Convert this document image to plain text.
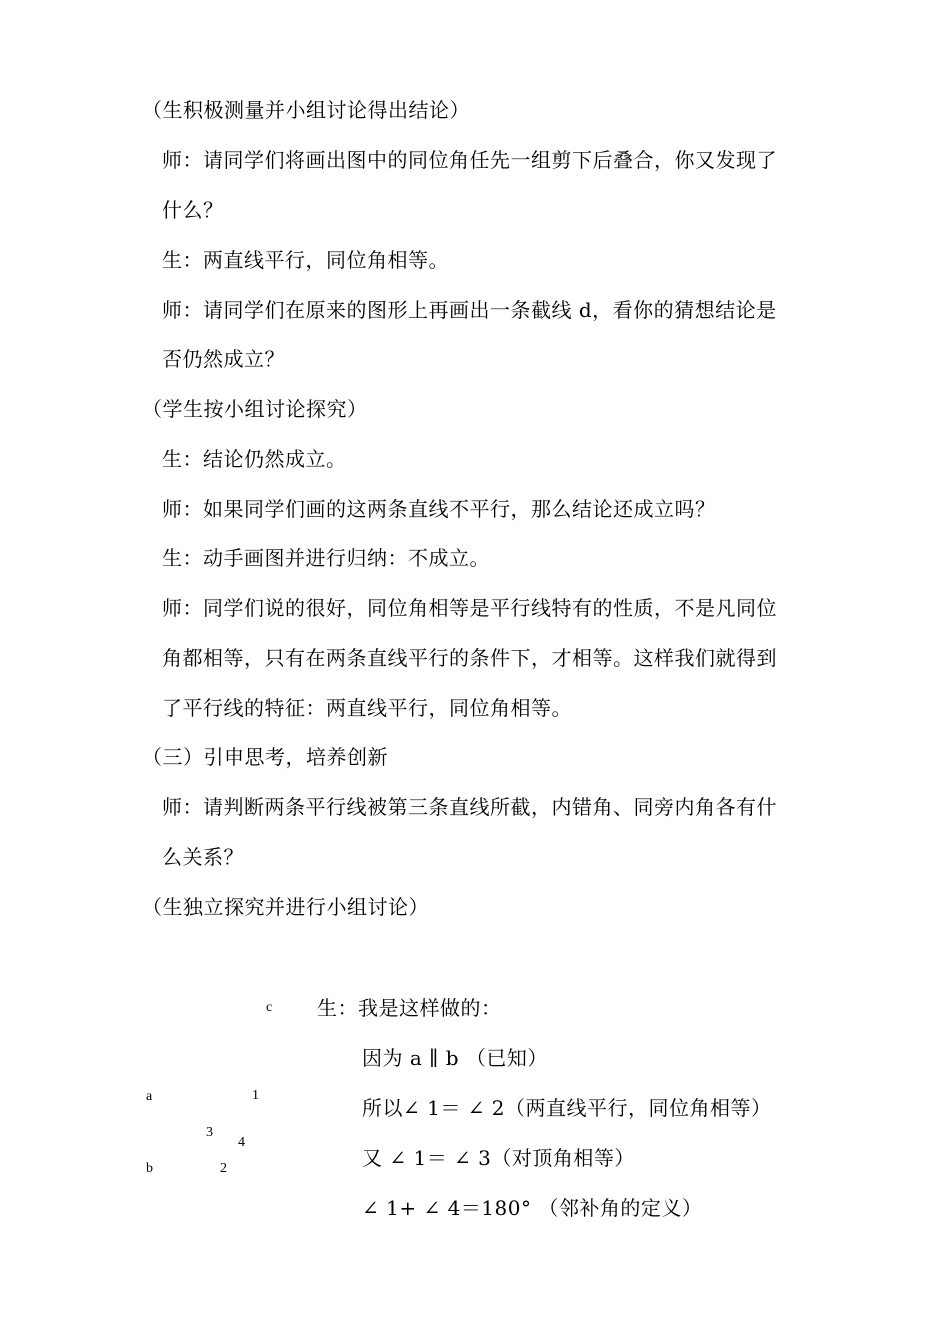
（生积极测量并小组讨论得出结论）
师：请同学们将画出图中的同位角任先一组剪下后叠合，你又发现了
什么？
生：两直线平行，同位角相等。
师：请同学们在原来的图形上再画出一条截线 d，看你的猜想结论是
否仍然成立？
（学生按小组讨论探究）
生：结论仍然成立。
师：如果同学们画的这两条直线不平行，那么结论还成立吗？
生：动手画图并进行归纳：不成立。
师：同学们说的很好，同位角相等是平行线特有的性质，不是凡同位
角都相等，只有在两条直线平行的条件下，才相等。这样我们就得到
了平行线的特征：两直线平行，同位角相等。
（三）引申思考，培养创新
师：请判断两条平行线被第三条直线所截，内错角、同旁内角各有什
么关系？
（生独立探究并进行小组讨论）
c
a	1
3
4
b	2
生：我是这样做的：
因为 a ∥ b （已知）
所以∠ 1＝ ∠ 2（两直线平行，同位角相等）
又 ∠ 1＝ ∠ 3（对顶角相等）
∠ 1+ ∠ 4＝180° （邻补角的定义）
